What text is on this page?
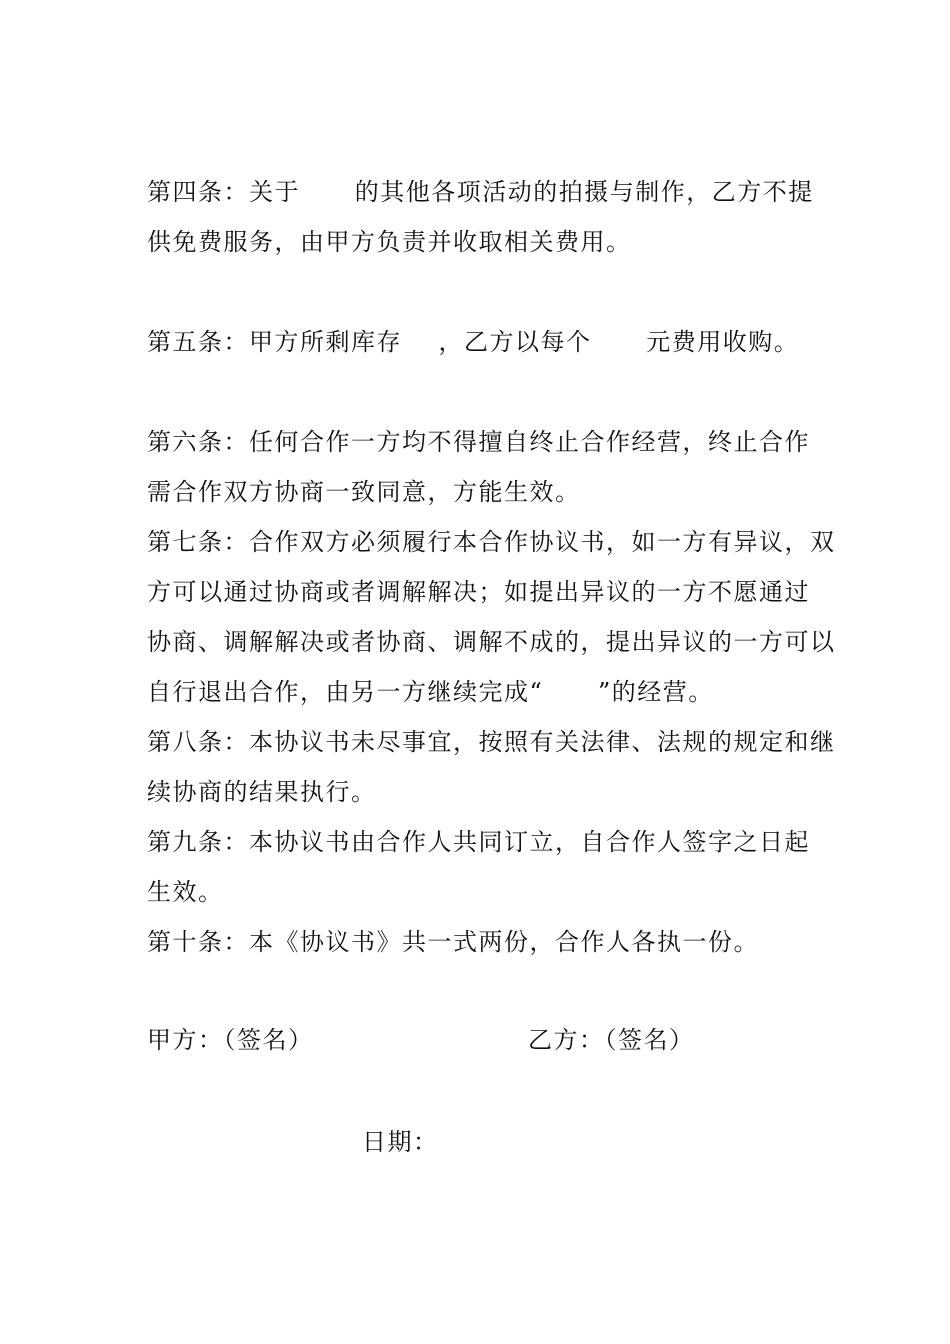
第四条：关于      的其他各项活动的拍摄与制作，乙方不提
供免费服务，由甲方负责并收取相关费用。
第五条：甲方所剩库存    ，乙方以每个      元费用收购。
第六条：任何合作一方均不得擅自终止合作经营，终止合作
需合作双方协商一致同意，方能生效。
第七条：合作双方必须履行本合作协议书，如一方有异议，双
方可以通过协商或者调解解决；如提出异议的一方不愿通过
协商、调解解决或者协商、调解不成的，提出异议的一方可以
自行退出合作，由另一方继续完成“      ”的经营。
第八条：本协议书未尽事宜，按照有关法律、法规的规定和继
续协商的结果执行。
第九条：本协议书由合作人共同订立，自合作人签字之日起
生效。
第十条：本《协议书》共一式两份，合作人各执一份。
甲方：（签名）	乙方：（签名）
日期：
